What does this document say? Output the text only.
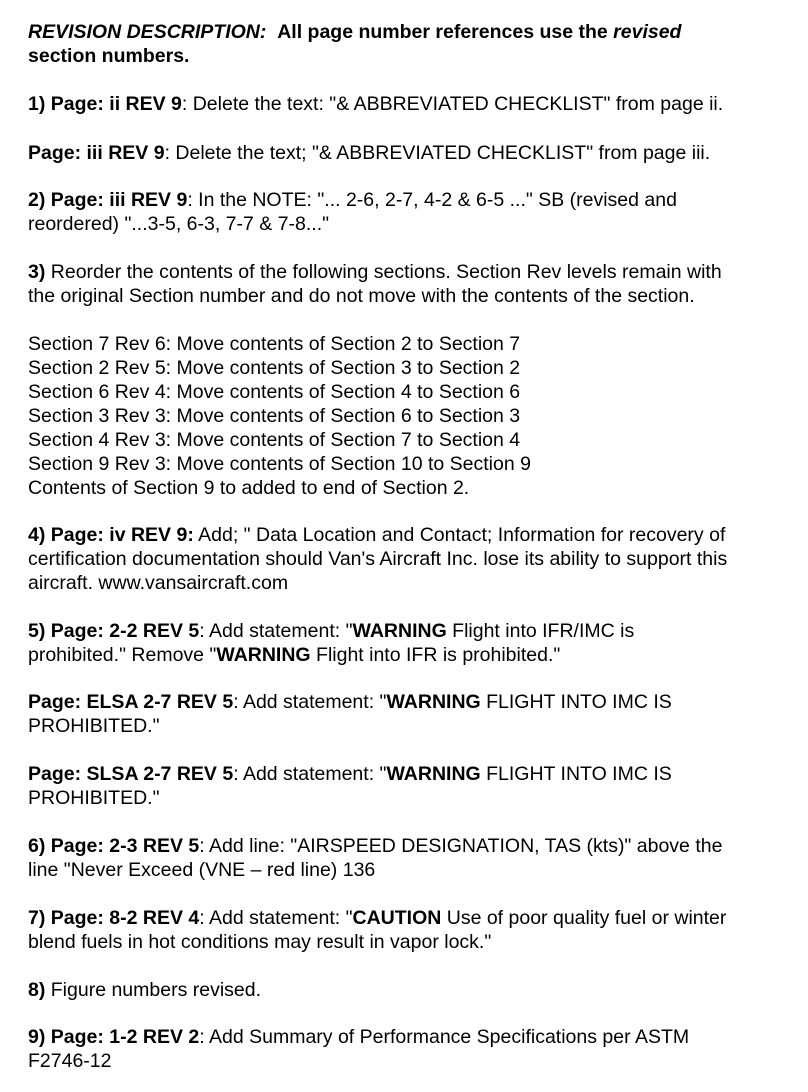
REVISION DESCRIPTION: All page number references use the revised
section numbers.
1) Page: ii REV 9: Delete the text: "& ABBREVIATED CHECKLIST" from page ii.
Page: iii REV 9: Delete the text; "& ABBREVIATED CHECKLIST" from page iii.
2) Page: iii REV 9: In the NOTE: "... 2-6, 2-7, 4-2 & 6-5 ..." SB (revised and
reordered) "...3-5, 6-3, 7-7 & 7-8..."
3) Reorder the contents of the following sections. Section Rev levels remain with
the original Section number and do not move with the contents of the section.
Section 7 Rev 6: Move contents of Section 2 to Section 7
Section 2 Rev 5: Move contents of Section 3 to Section 2
Section 6 Rev 4: Move contents of Section 4 to Section 6
Section 3 Rev 3: Move contents of Section 6 to Section 3
Section 4 Rev 3: Move contents of Section 7 to Section 4
Section 9 Rev 3: Move contents of Section 10 to Section 9
Contents of Section 9 to added to end of Section 2.
4) Page: iv REV 9: Add; " Data Location and Contact; Information for recovery of
certification documentation should Van's Aircraft Inc. lose its ability to support this
aircraft. www.vansaircraft.com
5) Page: 2-2 REV 5: Add statement: "WARNING Flight into IFR/IMC is
prohibited." Remove "WARNING Flight into IFR is prohibited."
Page: ELSA 2-7 REV 5: Add statement: "WARNING FLIGHT INTO IMC IS
PROHIBITED."
Page: SLSA 2-7 REV 5: Add statement: "WARNING FLIGHT INTO IMC IS
PROHIBITED."
6) Page: 2-3 REV 5: Add line: "AIRSPEED DESIGNATION, TAS (kts)" above the
line "Never Exceed (VNE – red line) 136
7) Page: 8-2 REV 4: Add statement: "CAUTION Use of poor quality fuel or winter
blend fuels in hot conditions may result in vapor lock."
8) Figure numbers revised.
9) Page: 1-2 REV 2: Add Summary of Performance Specifications per ASTM
F2746-12
